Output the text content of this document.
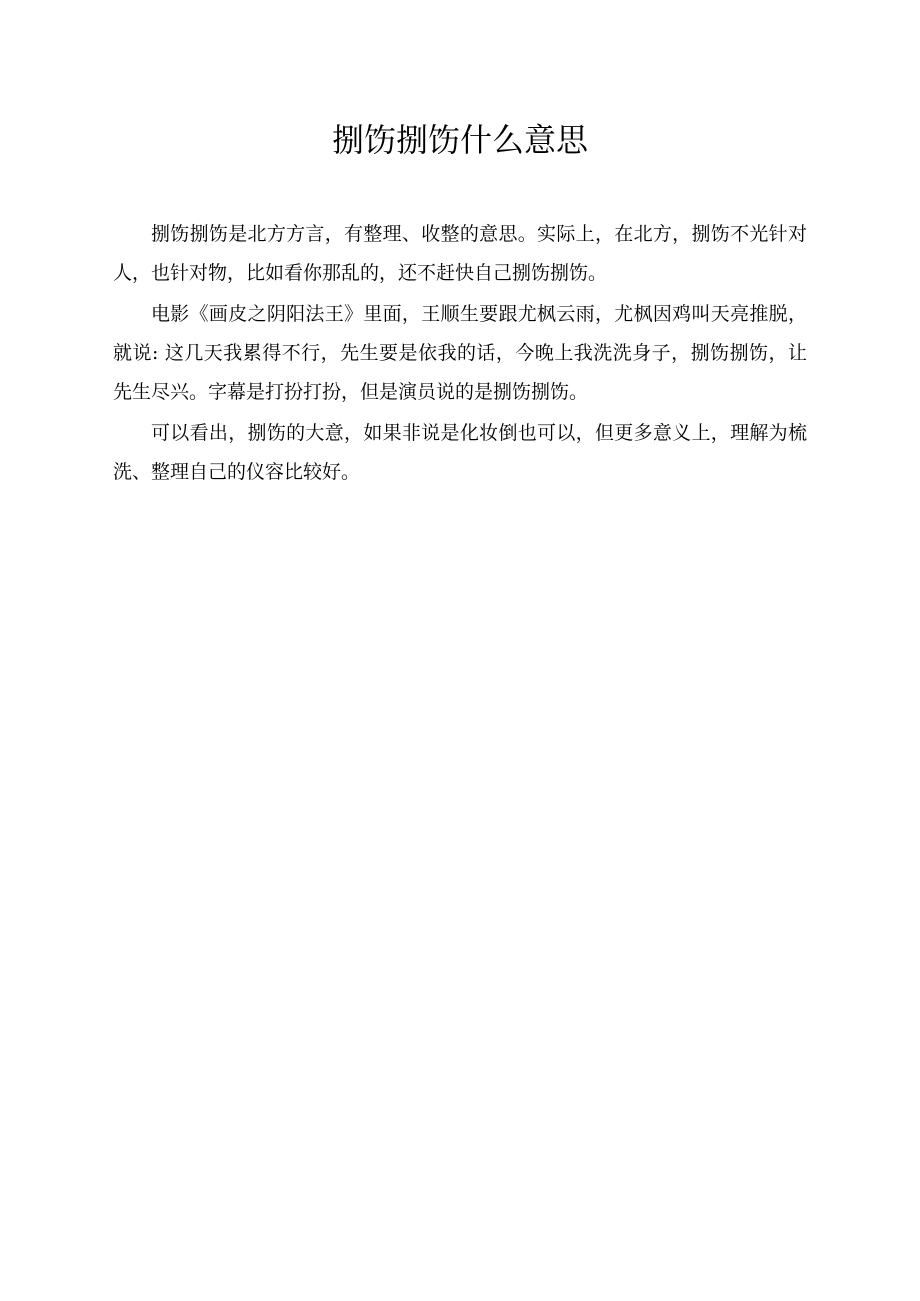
捌饬捌饬什么意思

捌饬捌饬是北方方言，有整理、收整的意思。实际上，在北方，捌饬不光针对人，也针对物，比如看你那乱的，还不赶快自己捌饬捌饬。

电影《画皮之阴阳法王》里面，王顺生要跟尤枫云雨，尤枫因鸡叫天亮推脱，就说: 这几天我累得不行，先生要是依我的话，今晚上我洗洗身子，捌饬捌饬，让先生尽兴。字幕是打扮打扮，但是演员说的是捌饬捌饬。

可以看出，捌饬的大意，如果非说是化妆倒也可以，但更多意义上，理解为梳洗、整理自己的仪容比较好。
